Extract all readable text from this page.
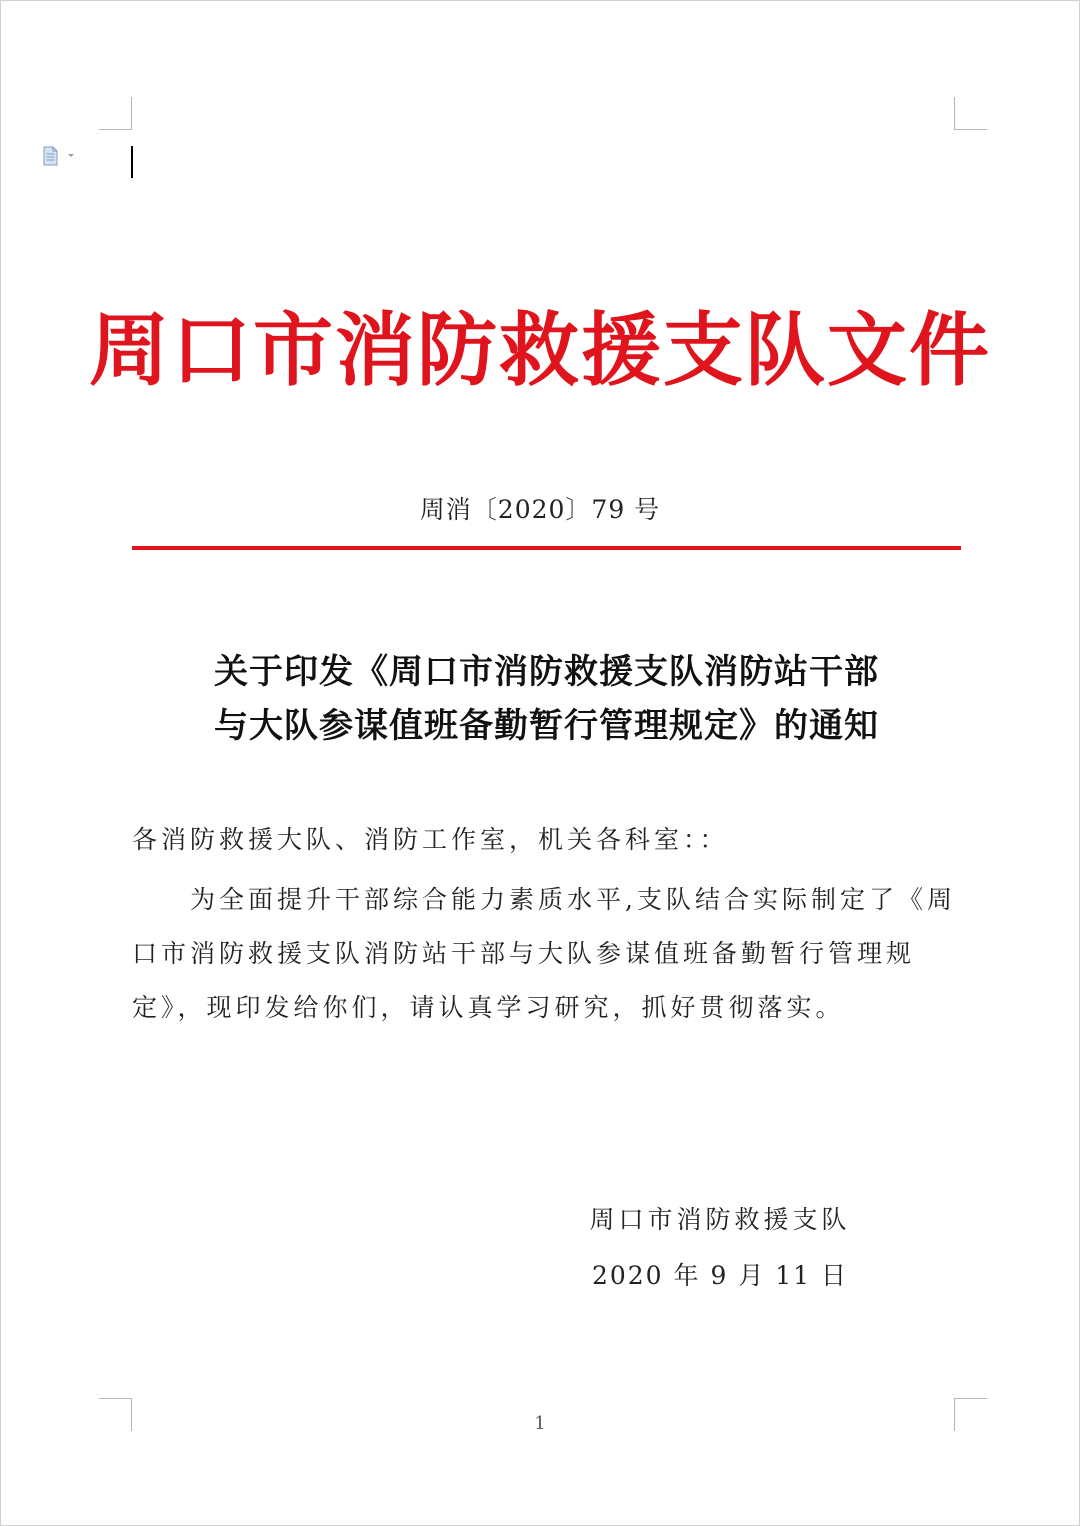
周口市消防救援支队文件
周消〔2020〕79 号
关于印发《周口市消防救援支队消防站干部
与大队参谋值班备勤暂行管理规定》的通知
各消防救援大队、消防工作室，机关各科室：：
为全面提升干部综合能力素质水平,支队结合实际制定了《周
口市消防救援支队消防站干部与大队参谋值班备勤暂行管理规
定》，现印发给你们，请认真学习研究，抓好贯彻落实。
周口市消防救援支队
2020 年 9 月 11 日
1
